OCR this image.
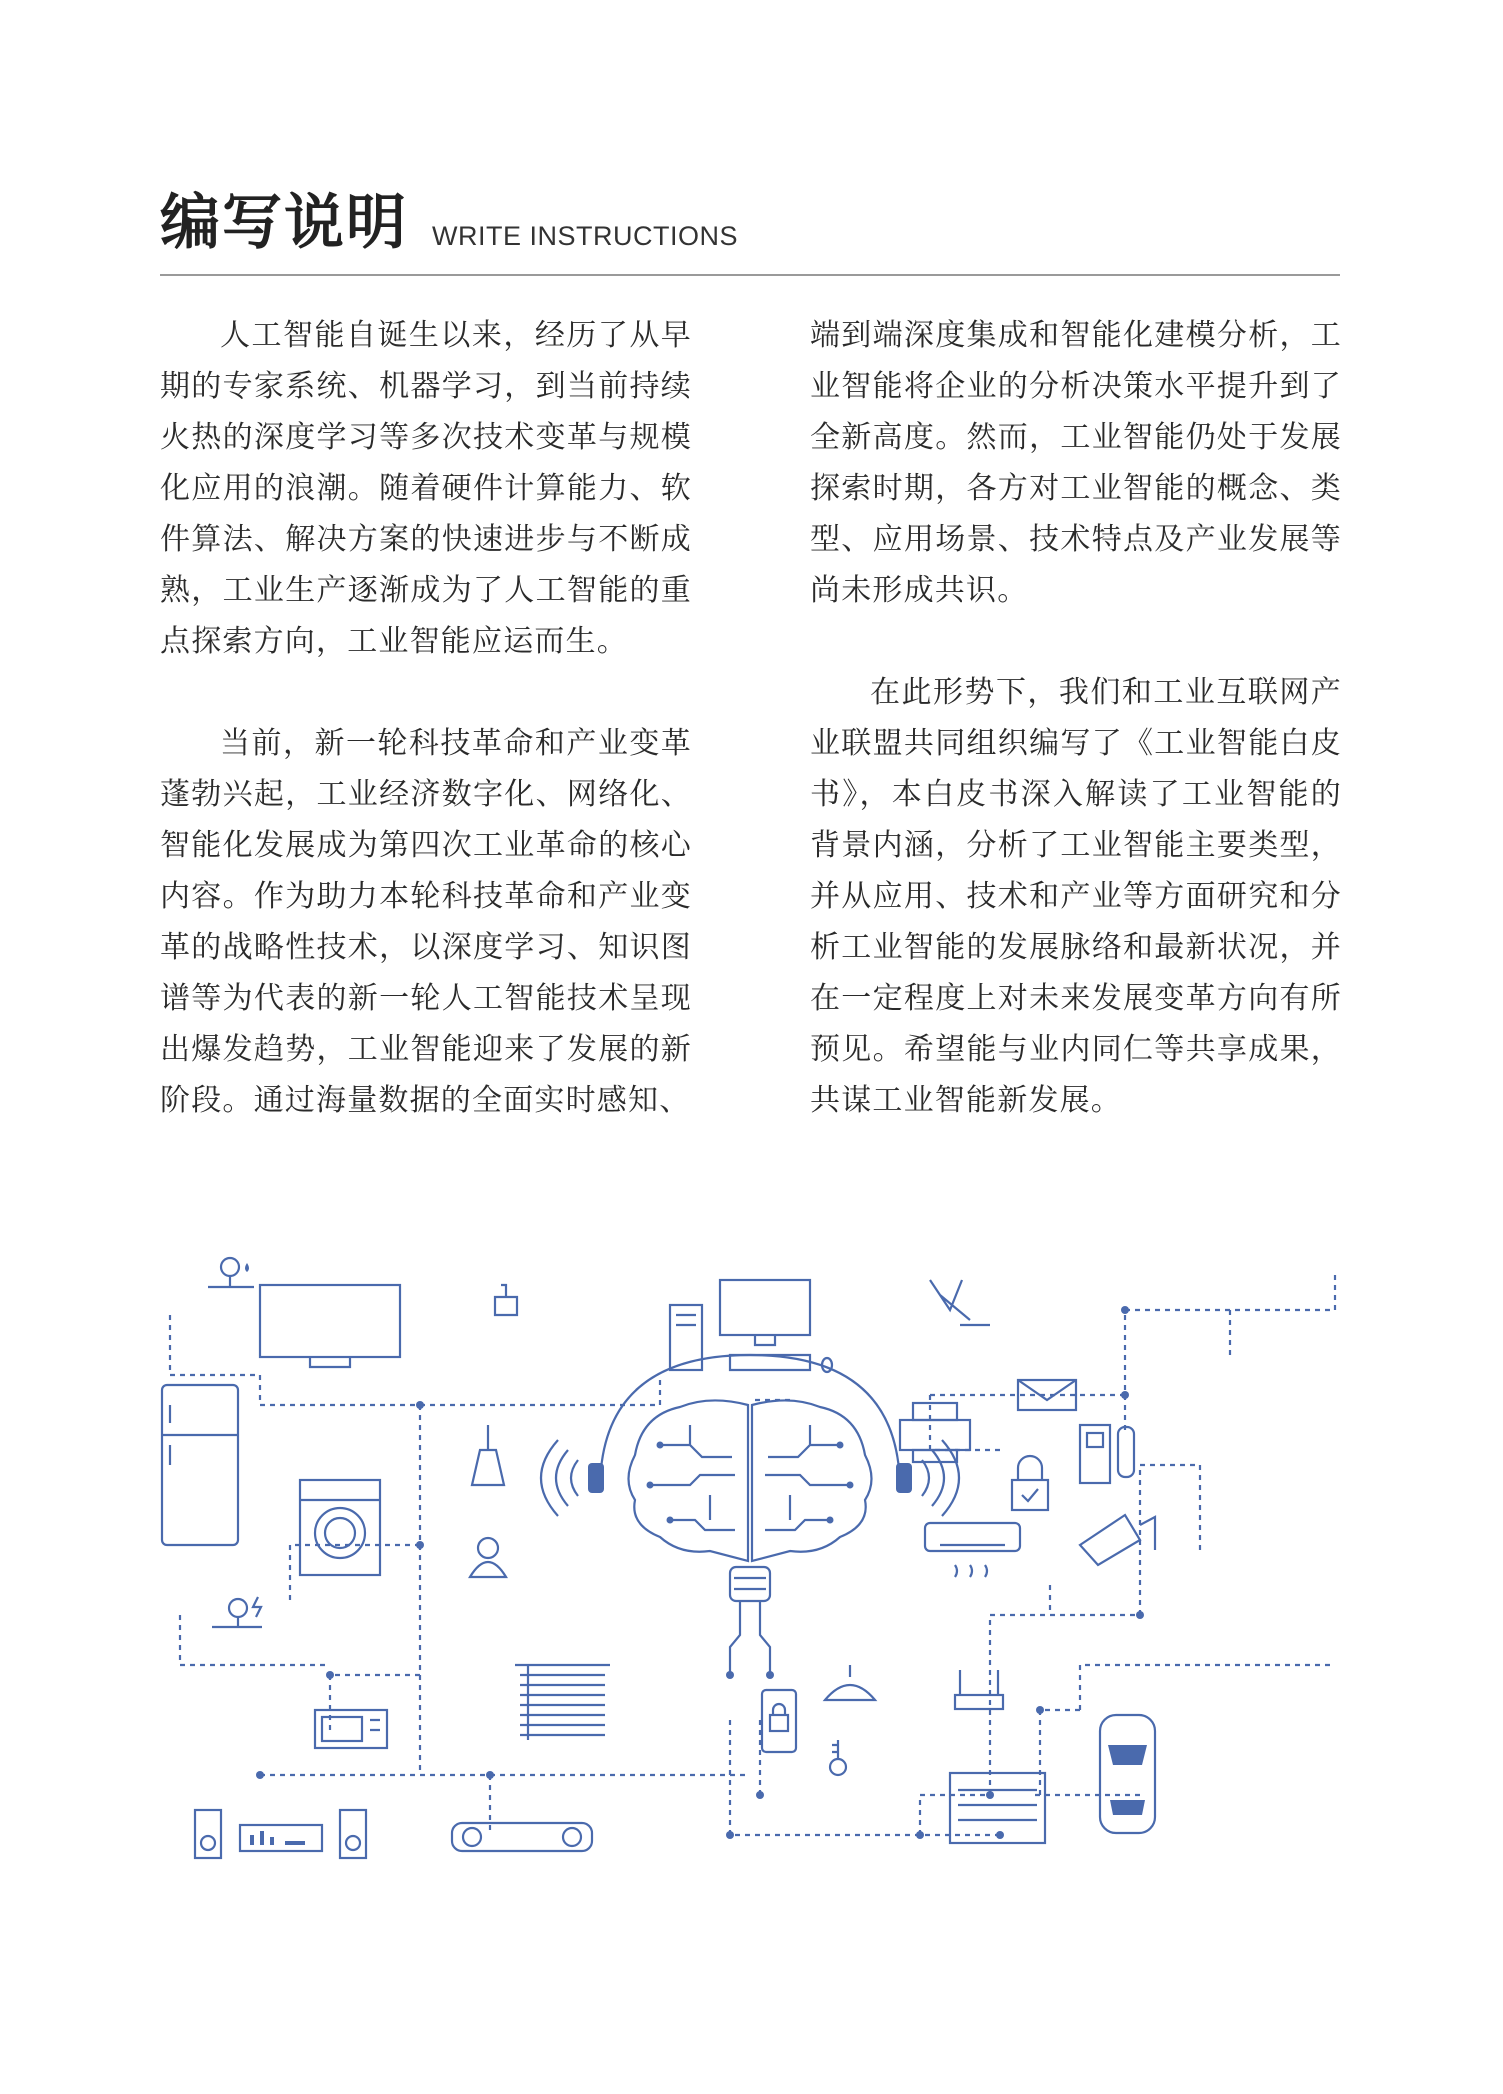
编写说明 WRITE INSTRUCTIONS

人工智能自诞生以来，经历了从早期的专家系统、机器学习，到当前持续火热的深度学习等多次技术变革与规模化应用的浪潮。随着硬件计算能力、软件算法、解决方案的快速进步与不断成熟，工业生产逐渐成为了人工智能的重点探索方向，工业智能应运而生。

当前，新一轮科技革命和产业变革蓬勃兴起，工业经济数字化、网络化、智能化发展成为第四次工业革命的核心内容。作为助力本轮科技革命和产业变革的战略性技术，以深度学习、知识图谱等为代表的新一轮人工智能技术呈现出爆发趋势，工业智能迎来了发展的新阶段。通过海量数据的全面实时感知、

端到端深度集成和智能化建模分析，工业智能将企业的分析决策水平提升到了全新高度。然而，工业智能仍处于发展探索时期，各方对工业智能的概念、类型、应用场景、技术特点及产业发展等尚未形成共识。

在此形势下，我们和工业互联网产业联盟共同组织编写了《工业智能白皮书》，本白皮书深入解读了工业智能的背景内涵，分析了工业智能主要类型，并从应用、技术和产业等方面研究和分析工业智能的发展脉络和最新状况，并在一定程度上对未来发展变革方向有所预见。希望能与业内同仁等共享成果，共谋工业智能新发展。
